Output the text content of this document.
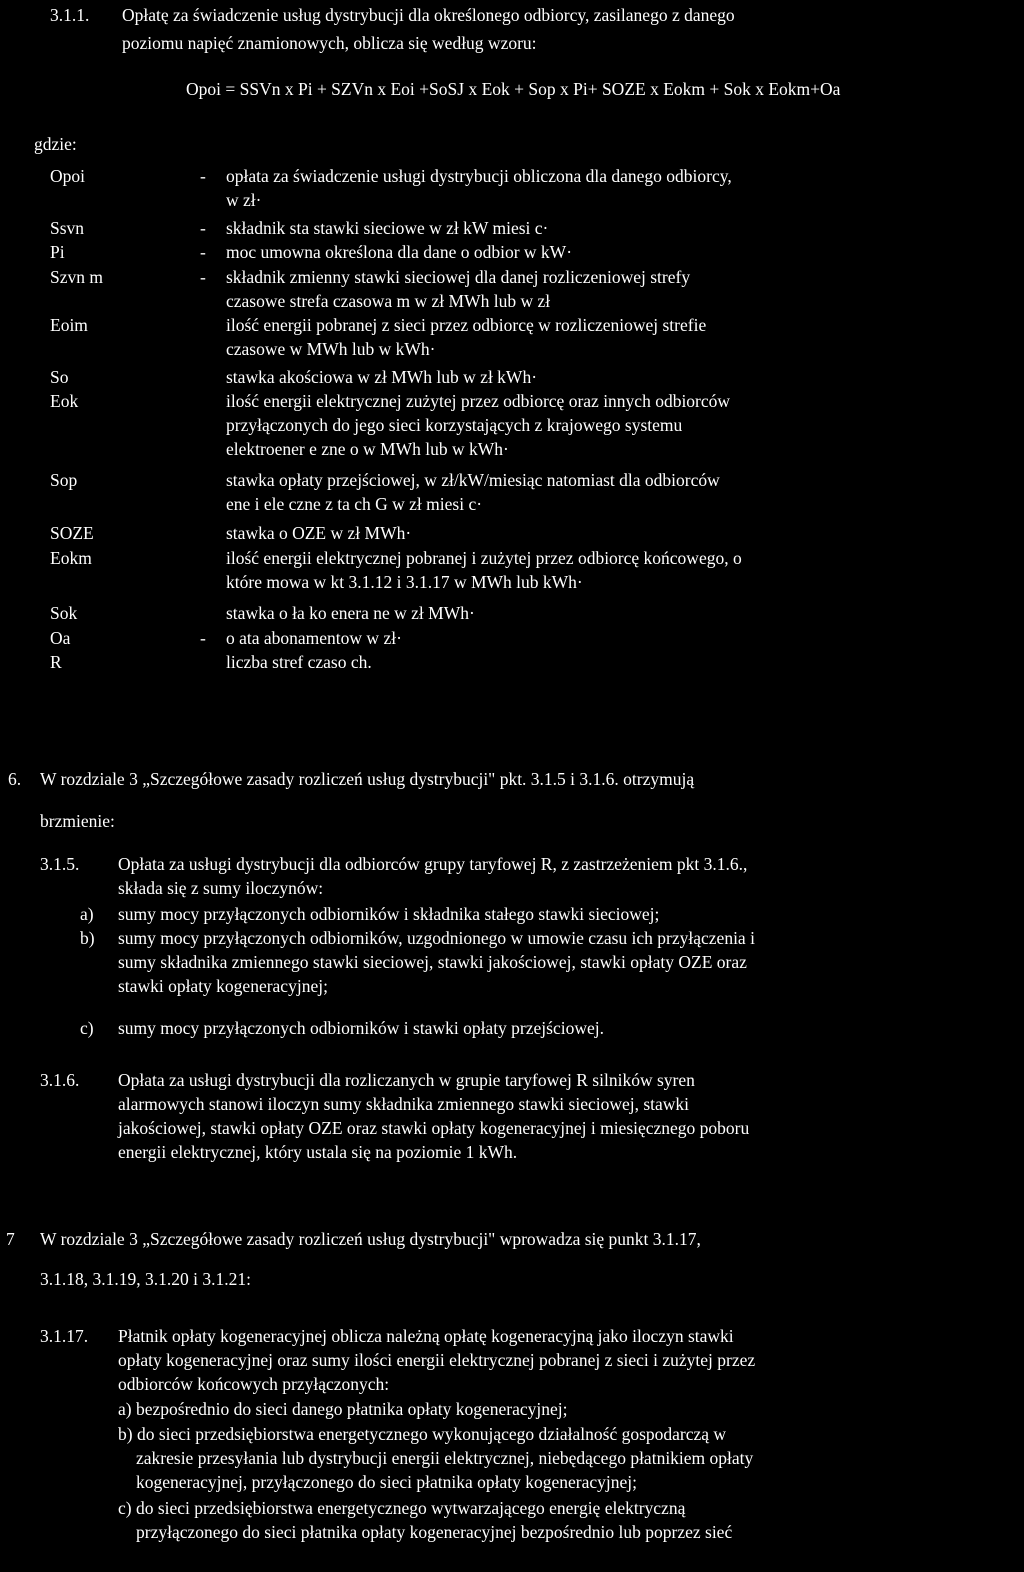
3.1.1. Opłatę za świadczenie usług dystrybucji dla określonego odbiorcy, zasilanego z danego
poziomu napięć znamionowych, oblicza się według wzoru:
Opoi = SSVn x Pi + SZVn x Eoi +SoSJ x Eok + Sop x Pi+ SOZE x Eokm + Sok x Eokm+Oa
gdzie:
Opoi	- opłata za świadczenie usługi dystrybucji obliczona dla danego odbiorcy,
w zł·
Ssvn	- składnik sta stawki sieciowe w zł kW miesi c·
Pi	- moc umowna określona dla dane o odbior w kW·
Szvn m	- składnik zmienny stawki sieciowej dla danej rozliczeniowej strefy
czasowe strefa czasowa m w zł MWh lub w zł
Eoim	ilość energii pobranej z sieci przez odbiorcę w rozliczeniowej strefie
czasowe w MWh lub w kWh·
So	stawka akościowa w zł MWh lub w zł kWh·
Eok	ilość energii elektrycznej zużytej przez odbiorcę oraz innych odbiorców
przyłączonych do jego sieci korzystających z krajowego systemu
elektroener e zne o w MWh lub w kWh·
Sop	stawka opłaty przejściowej, w zł/kW/miesiąc natomiast dla odbiorców
ene i ele czne z ta ch G w zł miesi c·
SOZE	stawka o OZE w zł MWh·
Eokm	ilość energii elektrycznej pobranej i zużytej przez odbiorcę końcowego, o
które mowa w kt 3.1.12 i 3.1.17 w MWh lub kWh·
Sok	stawka o ła ko enera ne w zł MWh·
Oa	- o ata abonamentow w zł·
R	liczba stref czaso ch.
6. W rozdziale 3 „Szczegółowe zasady rozliczeń usług dystrybucji" pkt. 3.1.5 i 3.1.6. otrzymują
brzmienie:
3.1.5. Opłata za usługi dystrybucji dla odbiorców grupy taryfowej R, z zastrzeżeniem pkt 3.1.6.,
składa się z sumy iloczynów:
a) sumy mocy przyłączonych odbiorników i składnika stałego stawki sieciowej;
b) sumy mocy przyłączonych odbiorników, uzgodnionego w umowie czasu ich przyłączenia i
sumy składnika zmiennego stawki sieciowej, stawki jakościowej, stawki opłaty OZE oraz
stawki opłaty kogeneracyjnej;
c) sumy mocy przyłączonych odbiorników i stawki opłaty przejściowej.
3.1.6. Opłata za usługi dystrybucji dla rozliczanych w grupie taryfowej R silników syren
alarmowych stanowi iloczyn sumy składnika zmiennego stawki sieciowej, stawki
jakościowej, stawki opłaty OZE oraz stawki opłaty kogeneracyjnej i miesięcznego poboru
energii elektrycznej, który ustala się na poziomie 1 kWh.
7 W rozdziale 3 „Szczegółowe zasady rozliczeń usług dystrybucji" wprowadza się punkt 3.1.17,
3.1.18, 3.1.19, 3.1.20 i 3.1.21:
3.1.17. Płatnik opłaty kogeneracyjnej oblicza należną opłatę kogeneracyjną jako iloczyn stawki
opłaty kogeneracyjnej oraz sumy ilości energii elektrycznej pobranej z sieci i zużytej przez
odbiorców końcowych przyłączonych:
a) bezpośrednio do sieci danego płatnika opłaty kogeneracyjnej;
b) do sieci przedsiębiorstwa energetycznego wykonującego działalność gospodarczą w
zakresie przesyłania lub dystrybucji energii elektrycznej, niebędącego płatnikiem opłaty
kogeneracyjnej, przyłączonego do sieci płatnika opłaty kogeneracyjnej;
c) do sieci przedsiębiorstwa energetycznego wytwarzającego energię elektryczną
przyłączonego do sieci płatnika opłaty kogeneracyjnej bezpośrednio lub poprzez sieć
